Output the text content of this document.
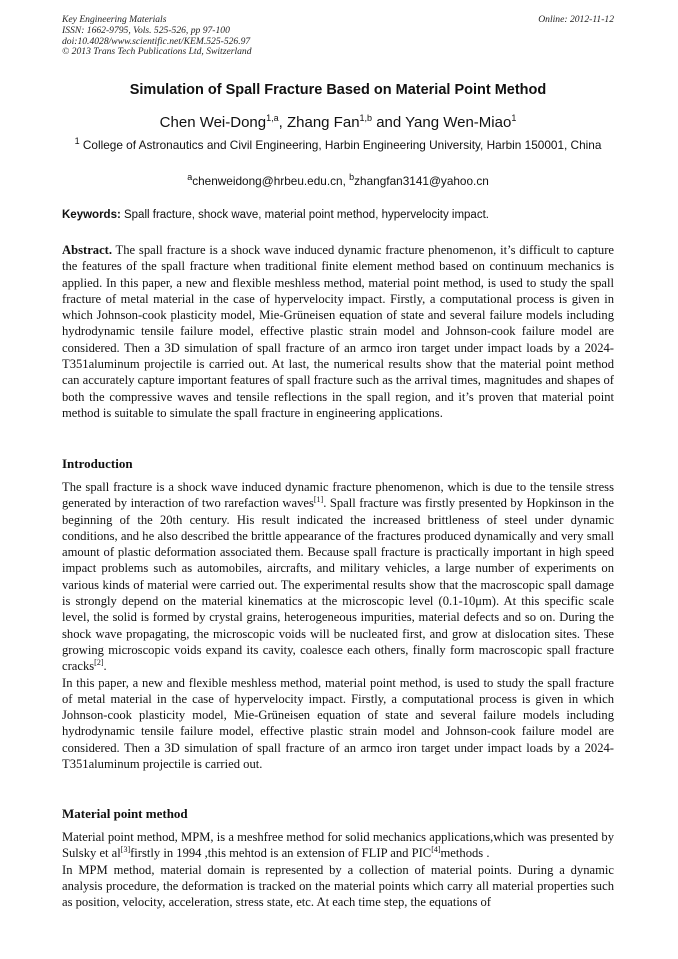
Key Engineering Materials	Online: 2012-11-12
ISSN: 1662-9795, Vols. 525-526, pp 97-100
doi:10.4028/www.scientific.net/KEM.525-526.97
© 2013 Trans Tech Publications Ltd, Switzerland
Simulation of Spall Fracture Based on Material Point Method
Chen Wei-Dong$^{1,a}$, Zhang Fan$^{1,b}$ and Yang Wen-Miao$^1$
$^1$ College of Astronautics and Civil Engineering, Harbin Engineering University, Harbin 150001, China
$^a$chenweidong@hrbeu.edu.cn, $^b$zhangfan3141@yahoo.cn
Keywords: Spall fracture, shock wave, material point method, hypervelocity impact.

Abstract. The spall fracture is a shock wave induced dynamic fracture phenomenon, it’s difficult to capture the features of the spall fracture when traditional finite element method based on continuum mechanics is applied. In this paper, a new and flexible meshless method, material point method, is used to study the spall fracture of metal material in the case of hypervelocity impact. Firstly, a computational process is given in which Johnson-cook plasticity model, Mie-Grüneisen equation of state and several failure models including hydrodynamic tensile failure model, effective plastic strain model and Johnson-cook failure model are considered. Then a 3D simulation of spall fracture of an armco iron target under impact loads by a 2024-T351aluminum projectile is carried out. At last, the numerical results show that the material point method can accurately capture important features of spall fracture such as the arrival times, magnitudes and shapes of both the compressive waves and tensile reflections in the spall region, and it’s proven that material point method is suitable to simulate the spall fracture in engineering applications.

Introduction

The spall fracture is a shock wave induced dynamic fracture phenomenon, which is due to the tensile stress generated by interaction of two rarefaction waves[1]. Spall fracture was firstly presented by Hopkinson in the beginning of the 20th century. His result indicated the increased brittleness of steel under dynamic conditions, and he also described the brittle appearance of the fractures produced dynamically and very small amount of plastic deformation associated them. Because spall fracture is practically important in high speed impact problems such as automobiles, aircrafts, and military vehicles, a large number of experiments on various kinds of material were carried out. The experimental results show that the macroscopic spall damage is strongly depend on the material kinematics at the microscopic level (0.1-10μm). At this specific scale level, the solid is formed by crystal grains, heterogeneous impurities, material defects and so on. During the shock wave propagating, the microscopic voids will be nucleated first, and grow at dislocation sites. These growing microscopic voids expand its cavity, coalesce each others, finally form macroscopic spall fracture cracks[2].

In this paper, a new and flexible meshless method, material point method, is used to study the spall fracture of metal material in the case of hypervelocity impact. Firstly, a computational process is given in which Johnson-cook plasticity model, Mie-Grüneisen equation of state and several failure models including hydrodynamic tensile failure model, effective plastic strain model and Johnson-cook failure model are considered. Then a 3D simulation of spall fracture of an armco iron target under impact loads by a 2024-T351aluminum projectile is carried out.

Material point method

Material point method, MPM, is a meshfree method for solid mechanics applications,which was presented by Sulsky et al[3]firstly in 1994 ,this mehtod is an extension of FLIP and PIC[4]methods .

In MPM method, material domain is represented by a collection of material points. During a dynamic analysis procedure, the deformation is tracked on the material points which carry all material properties such as position, velocity, acceleration, stress state, etc. At each time step, the equations of
